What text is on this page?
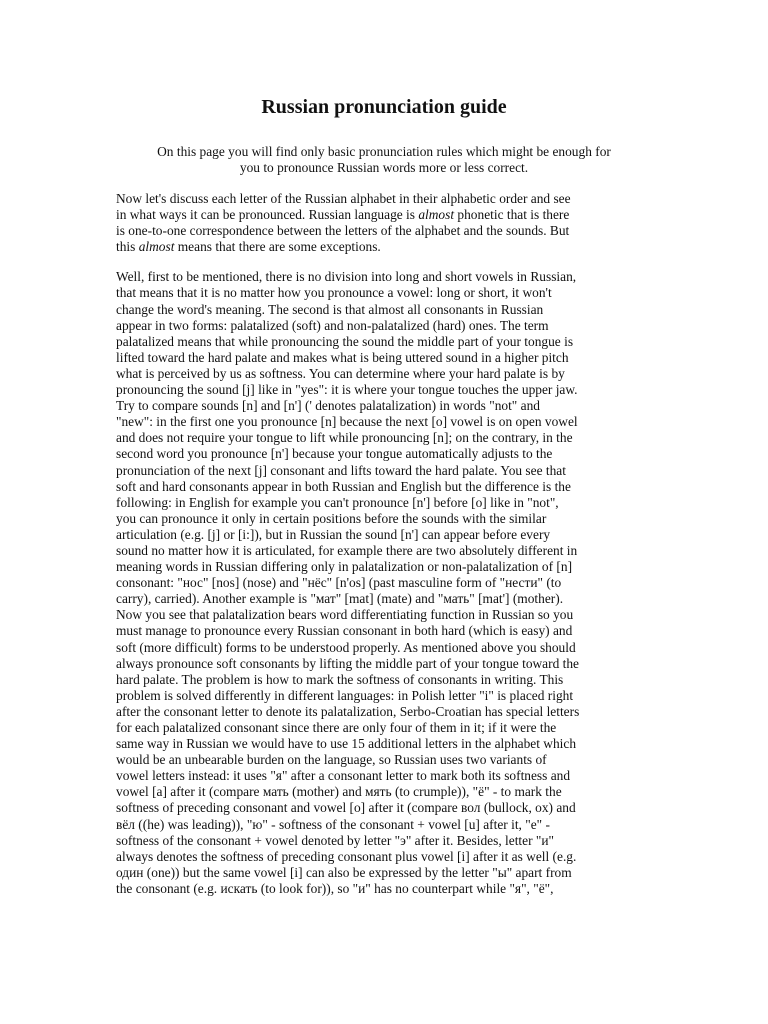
Russian pronunciation guide
On this page you will find only basic pronunciation rules which might be enough for
you to pronounce Russian words more or less correct.
Now let's discuss each letter of the Russian alphabet in their alphabetic order and see
in what ways it can be pronounced. Russian language is almost phonetic that is there
is one-to-one correspondence between the letters of the alphabet and the sounds. But
this almost means that there are some exceptions.
Well, first to be mentioned, there is no division into long and short vowels in Russian,
that means that it is no matter how you pronounce a vowel: long or short, it won't
change the word's meaning. The second is that almost all consonants in Russian
appear in two forms: palatalized (soft) and non-palatalized (hard) ones. The term
palatalized means that while pronouncing the sound the middle part of your tongue is
lifted toward the hard palate and makes what is being uttered sound in a higher pitch
what is perceived by us as softness. You can determine where your hard palate is by
pronouncing the sound [j] like in "yes": it is where your tongue touches the upper jaw.
Try to compare sounds [n] and [n'] (' denotes palatalization) in words "not" and
"new": in the first one you pronounce [n] because the next [o] vowel is on open vowel
and does not require your tongue to lift while pronouncing [n]; on the contrary, in the
second word you pronounce [n'] because your tongue automatically adjusts to the
pronunciation of the next [j] consonant and lifts toward the hard palate. You see that
soft and hard consonants appear in both Russian and English but the difference is the
following: in English for example you can't pronounce [n'] before [o] like in "not",
you can pronounce it only in certain positions before the sounds with the similar
articulation (e.g. [j] or [i:]), but in Russian the sound [n'] can appear before every
sound no matter how it is articulated, for example there are two absolutely different in
meaning words in Russian differing only in palatalization or non-palatalization of [n]
consonant: "нос" [nos] (nose) and "нёс" [n'os] (past masculine form of "нести" (to
carry), carried). Another example is "мат" [mat] (mate) and "мать" [mat'] (mother).
Now you see that palatalization bears word differentiating function in Russian so you
must manage to pronounce every Russian consonant in both hard (which is easy) and
soft (more difficult) forms to be understood properly. As mentioned above you should
always pronounce soft consonants by lifting the middle part of your tongue toward the
hard palate. The problem is how to mark the softness of consonants in writing. This
problem is solved differently in different languages: in Polish letter "i" is placed right
after the consonant letter to denote its palatalization, Serbo-Croatian has special letters
for each palatalized consonant since there are only four of them in it; if it were the
same way in Russian we would have to use 15 additional letters in the alphabet which
would be an unbearable burden on the language, so Russian uses two variants of
vowel letters instead: it uses "я" after a consonant letter to mark both its softness and
vowel [a] after it (compare мать (mother) and мять (to crumple)), "ё" - to mark the
softness of preceding consonant and vowel [o] after it (compare вол (bullock, ox) and
вёл ((he) was leading)), "ю" - softness of the consonant + vowel [u] after it, "е" -
softness of the consonant + vowel denoted by letter "э" after it. Besides, letter "и"
always denotes the softness of preceding consonant plus vowel [i] after it as well (e.g.
один (one)) but the same vowel [i] can also be expressed by the letter "ы" apart from
the consonant (e.g. искать (to look for)), so "и" has no counterpart while "я", "ё",
